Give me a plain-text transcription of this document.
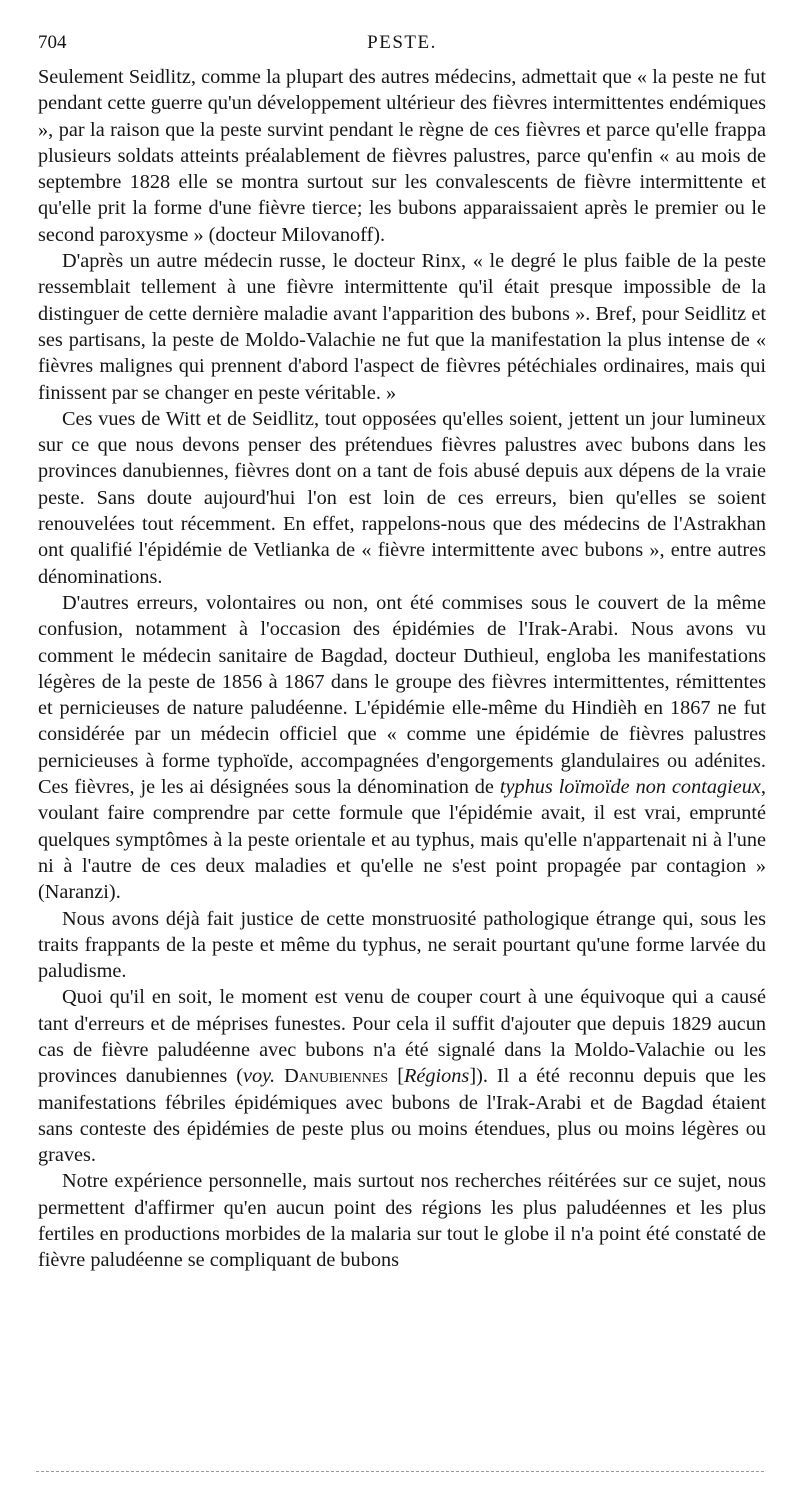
704	PESTE.

Seulement Seidlitz, comme la plupart des autres médecins, admettait que « la peste ne fut pendant cette guerre qu'un développement ultérieur des fièvres intermittentes endémiques », par la raison que la peste survint pendant le règne de ces fièvres et parce qu'elle frappa plusieurs soldats atteints préalablement de fièvres palustres, parce qu'enfin « au mois de septembre 1828 elle se montra surtout sur les convalescents de fièvre intermittente et qu'elle prit la forme d'une fièvre tierce; les bubons apparaissaient après le premier ou le second paroxysme » (docteur Milovanoff).

D'après un autre médecin russe, le docteur Rinx, « le degré le plus faible de la peste ressemblait tellement à une fièvre intermittente qu'il était presque impossible de la distinguer de cette dernière maladie avant l'apparition des bubons ». Bref, pour Seidlitz et ses partisans, la peste de Moldo-Valachie ne fut que la manifestation la plus intense de « fièvres malignes qui prennent d'abord l'aspect de fièvres pétéchiales ordinaires, mais qui finissent par se changer en peste véritable. »

Ces vues de Witt et de Seidlitz, tout opposées qu'elles soient, jettent un jour lumineux sur ce que nous devons penser des prétendues fièvres palustres avec bubons dans les provinces danubiennes, fièvres dont on a tant de fois abusé depuis aux dépens de la vraie peste. Sans doute aujourd'hui l'on est loin de ces erreurs, bien qu'elles se soient renouvelées tout récemment. En effet, rappelons-nous que des médecins de l'Astrakhan ont qualifié l'épidémie de Vetlianka de « fièvre intermittente avec bubons », entre autres dénominations.

D'autres erreurs, volontaires ou non, ont été commises sous le couvert de la même confusion, notamment à l'occasion des épidémies de l'Irak-Arabi. Nous avons vu comment le médecin sanitaire de Bagdad, docteur Duthieul, engloba les manifestations légères de la peste de 1856 à 1867 dans le groupe des fièvres intermittentes, rémittentes et pernicieuses de nature paludéenne. L'épidémie elle-même du Hindièh en 1867 ne fut considérée par un médecin officiel que « comme une épidémie de fièvres palustres pernicieuses à forme typhoïde, accompagnées d'engorgements glandulaires ou adénites. Ces fièvres, je les ai désignées sous la dénomination de typhus loïmoïde non contagieux, voulant faire comprendre par cette formule que l'épidémie avait, il est vrai, emprunté quelques symptômes à la peste orientale et au typhus, mais qu'elle n'appartenait ni à l'une ni à l'autre de ces deux maladies et qu'elle ne s'est point propagée par contagion » (Naranzi).

Nous avons déjà fait justice de cette monstruosité pathologique étrange qui, sous les traits frappants de la peste et même du typhus, ne serait pourtant qu'une forme larvée du paludisme.

Quoi qu'il en soit, le moment est venu de couper court à une équivoque qui a causé tant d'erreurs et de méprises funestes. Pour cela il suffit d'ajouter que depuis 1829 aucun cas de fièvre paludéenne avec bubons n'a été signalé dans la Moldo-Valachie ou les provinces danubiennes (voy. Danubiennes [Régions]). Il a été reconnu depuis que les manifestations fébriles épidémiques avec bubons de l'Irak-Arabi et de Bagdad étaient sans conteste des épidémies de peste plus ou moins étendues, plus ou moins légères ou graves.

Notre expérience personnelle, mais surtout nos recherches réitérées sur ce sujet, nous permettent d'affirmer qu'en aucun point des régions les plus paludéennes et les plus fertiles en productions morbides de la malaria sur tout le globe il n'a point été constaté de fièvre paludéenne se compliquant de bubons
